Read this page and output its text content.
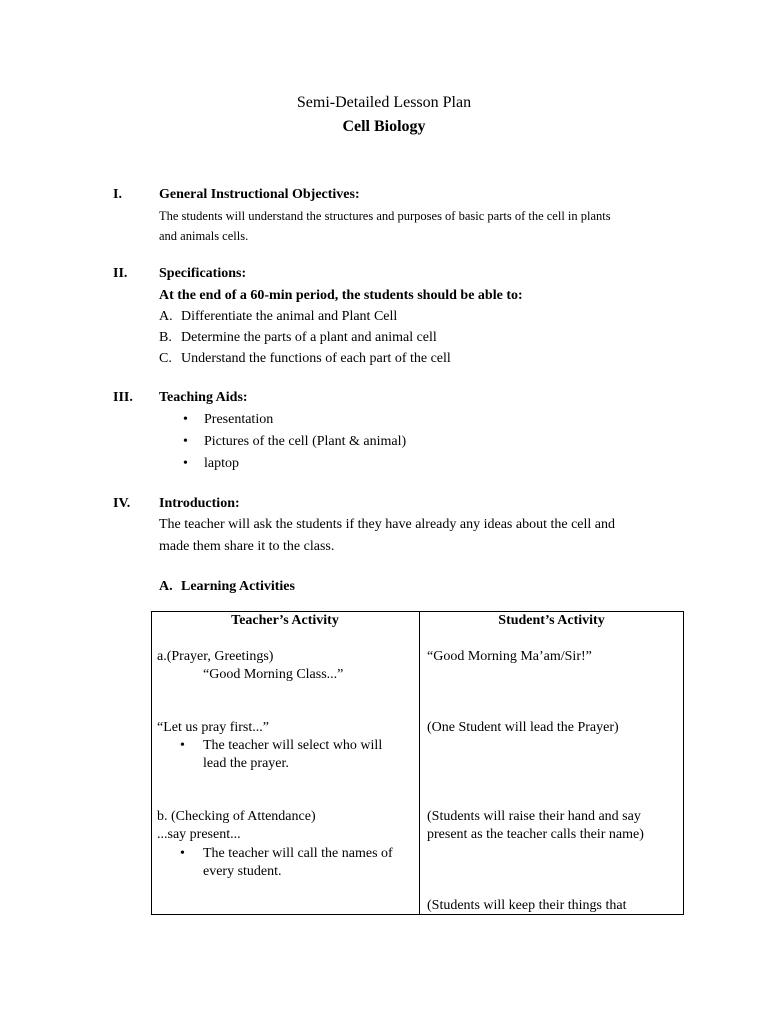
Semi-Detailed Lesson Plan
Cell Biology
I.	General Instructional Objectives:
The students will understand the structures and purposes of basic parts of the cell in plants
and animals cells.
II. Specifications:
At the end of a 60-min period, the students should be able to:
A. Differentiate the animal and Plant Cell
B. Determine the parts of a plant and animal cell
C. Understand the functions of each part of the cell
III. Teaching Aids:
• Presentation
• Pictures of the cell (Plant & animal)
• laptop
IV. Introduction:
The teacher will ask the students if they have already any ideas about the cell and
made them share it to the class.
A. Learning Activities
Teacher’s Activity	Student’s Activity
a.(Prayer, Greetings)
“Good Morning Class...”
“Let us pray first...”
• The teacher will select who will
lead the prayer.
b. (Checking of Attendance)
...say present...
• The teacher will call the names of
every student.
“Good Morning Ma’am/Sir!”
(One Student will lead the Prayer)
(Students will raise their hand and say
present as the teacher calls their name)
(Students will keep their things that
